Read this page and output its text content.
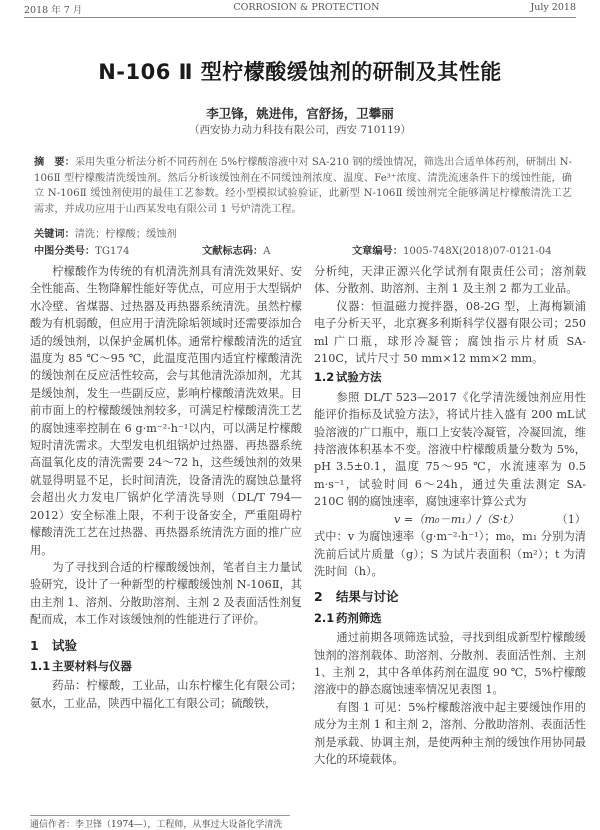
2018 年 7 月	CORROSION & PROTECTION	July 2018
N-106 Ⅱ 型柠檬酸缓蚀剂的研制及其性能
李卫锋，姚进伟，宫舒扬，卫攀丽
（西安协力动力科技有限公司，西安 710119）
摘　要：采用失重分析法分析不同药剂在 5%柠檬酸溶液中对 SA-210 钢的缓蚀情况，筛选出合适单体药剂，研制出 N-106Ⅱ 型柠檬酸清洗缓蚀剂。然后分析该缓蚀剂在不同缓蚀剂浓度、温度、Fe³⁺浓度、清洗流速条件下的缓蚀性能，确立 N-106Ⅱ 缓蚀剂使用的最佳工艺参数。经小型模拟试验验证，此新型 N-106Ⅱ 缓蚀剂完全能够满足柠檬酸清洗工艺需求，并成功应用于山西某发电有限公司 1 号炉清洗工程。
关键词：清洗；柠檬酸；缓蚀剂
中图分类号：TG174	文献标志码：A	文章编号：1005-748X(2018)07-0121-04

柠檬酸作为传统的有机清洗剂具有清洗效果好、安全性能高、生物降解性能好等优点，可应用于大型锅炉水冷壁、省煤器、过热器及再热器系统清洗。虽然柠檬酸为有机弱酸，但应用于清洗除垢领域时还需要添加合适的缓蚀剂，以保护金属机体。通常柠檬酸清洗的适宜温度为 85 ℃～95 ℃，此温度范围内适宜柠檬酸清洗的缓蚀剂在反应活性较高，会与其他清洗添加剂，尤其是缓蚀剂，发生一些副反应，影响柠檬酸清洗效果。目前市面上的柠檬酸缓蚀剂较多，可满足柠檬酸清洗工艺的腐蚀速率控制在 6 g·m⁻²·h⁻¹以内，可以满足柠檬酸短时清洗需求。大型发电机组锅炉过热器、再热器系统高温氧化皮的清洗需要 24～72 h，这些缓蚀剂的效果就显得明显不足，长时间清洗，设备清洗的腐蚀总量将会超出火力发电厂锅炉化学清洗导则（DL/T 794—2012）安全标准上限，不利于设备安全，严重阻碍柠檬酸清洗工艺在过热器、再热器系统清洗方面的推广应用。

为了寻找到合适的柠檬酸缓蚀剂，笔者自主力量试验研究，设计了一种新型的柠檬酸缓蚀剂 N-106Ⅱ，其由主剂 1、溶剂、分散助溶剂、主剂 2 及表面活性剂复配而成，本工作对该缓蚀剂的性能进行了评价。

1 试验
1.1 主要材料与仪器

药品：柠檬酸，工业品，山东柠檬生化有限公司；氨水，工业品，陕西中福化工有限公司；硫酸铁，

分析纯，天津正源兴化学试剂有限责任公司；溶剂载体、分散剂、助溶剂、主剂 1 及主剂 2 都为工业品。

仪器：恒温磁力搅拌器，08-2G 型，上海梅颖浦电子分析天平，北京赛多利斯科学仪器有限公司；250 ml 广口瓶，球形冷凝管；腐蚀指示片材质 SA-210C，试片尺寸 50 mm×12 mm×2 mm。

1.2 试验方法

参照 DL/T 523—2017《化学清洗缓蚀剂应用性能评价指标及试验方法》，将试片挂入盛有 200 mL试验溶液的广口瓶中，瓶口上安装冷凝管，冷凝回流，维持溶液体积基本不变。溶液中柠檬酸质量分数为 5%，pH 3.5±0.1，温度 75～95 ℃，水流速率为 0.5 m·s⁻¹，试验时间 6～24h，通过失重法测定 SA-210C 钢的腐蚀速率，腐蚀速率计算公式为

v =（m₀－m₁）/（S·t）	（1）

式中：v 为腐蚀速率（g·m⁻²·h⁻¹）；m₀，m₁ 分别为清洗前后试片质量（g）；S 为试片表面积（m²）；t 为清洗时间（h）。

2 结果与讨论
2.1 药剂筛选

通过前期各项筛选试验，寻找到组成新型柠檬酸缓蚀剂的溶剂载体、助溶剂、分散剂、表面活性剂、主剂 1、主剂 2，其中各单体药剂在温度 90 ℃，5%柠檬酸溶液中的静态腐蚀速率情况见表图 1。

有图 1 可见：5%柠檬酸溶液中起主要缓蚀作用的成分为主剂 1 和主剂 2，溶剂、分散助溶剂、表面活性剂是承载、协调主剂，是使两种主剂的缓蚀作用协同最大化的环境载体。

通信作者：李卫锋（1974—），工程师，从事过大设备化学清洗
